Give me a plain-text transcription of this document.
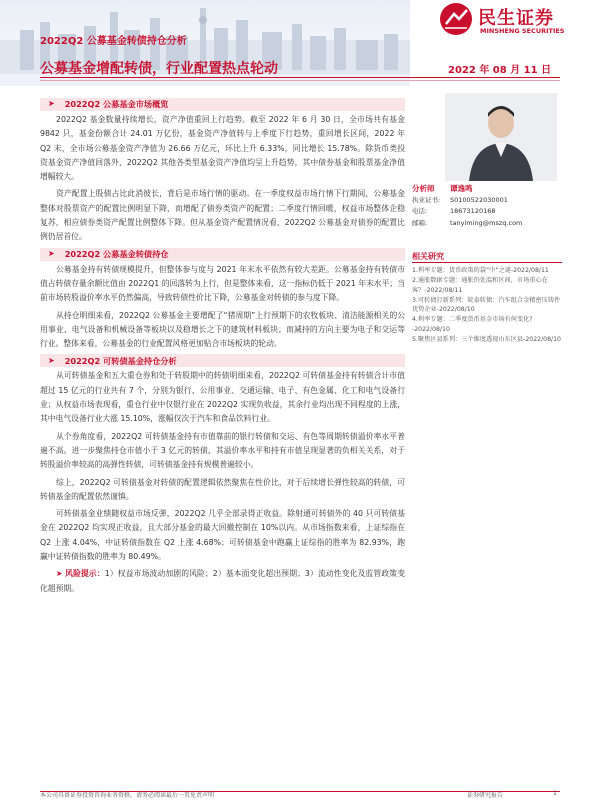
2022Q2 公募基金转债持仓分析
公募基金增配转债，行业配置热点轮动	2022 年 08 月 11 日
民生证券
MINSHENG SECURITIES
➤ 2022Q2 公募基金市场概览

2022Q2 基金数量持续增长，资产净值重回上行趋势。截至 2022 年 6 月 30 日，全市场共有基金 9842 只，基金份额合计 24.01 万亿份，基金资产净值转与上季度下行趋势，重回增长区间，2022 年 Q2 末，全市场公募基金资产净值为 26.66 万亿元，环比上升 6.33%，同比增长 15.78%。除货币类投资基金资产净值回落外，2022Q2 其他各类型基金资产净值均呈上升趋势，其中债券基金和股票基金净值增幅较大。

资产配置上股债占比此消彼长，背后是市场行情的驱动。在一季度权益市场行情下行期间，公募基金整体对股票资产的配置比例明显下降，而增配了债券类资产的配置；二季度行情回暖，权益市场整体企稳复苏，相应债券类资产配置比例整体下降。但从基金资产配置情况看，2022Q2 公募基金对债券的配置比例仍居首位。

➤ 2022Q2 公募基金转债持仓

公募基金持有转债规模提升，但整体参与度与 2021 年末水平依然有较大差距。公募基金持有转债市值占转债存量余额比值由 2022Q1 的回落转为上行，但是整体来看，这一指标仍低于 2021 年末水平；当前市场转股溢价率水平仍然偏高，导致转债性价比下降，公募基金对转债的参与度下降。

从持仓明细来看，2022Q2 公募基金主要增配了“猪周期”上行预期下的农牧板块、清洁能源相关的公用事业、电气设备和机械设备等板块以及稳增长之下的建筑材料板块；而减持的方向主要为电子和交运等行业。整体来看，公募基金的行业配置风格更加贴合市场板块的轮动。

➤ 2022Q2 可转债基金持仓分析

从可转债基金和五大重仓券和处于转股期中的转债明细来看，2022Q2 可转债基金持有转债合计市值超过 15 亿元的行业共有 7 个，分别为银行、公用事业、交通运输、电子、有色金属、化工和电气设备行业；从权益市场表现看，重仓行业中仅银行业在 2022Q2 实现负收益，其余行业均出现不同程度的上涨，其中电气设备行业大涨 15.10%，涨幅仅次于汽车和食品饮料行业。

从个券角度看，2022Q2 可转债基金持有市值靠前的银行转债和交运、有色等周期转债溢价率水平普遍不高。进一步聚焦持仓市值小于 3 亿元的转债，其溢价率水平和持有市值呈现显著的负相关关系，对于转股溢价率较高的高弹性转债，可转债基金持有规模普遍较小。

综上，2022Q2 可转债基金对转债的配置逻辑依然聚焦在性价比，对于后续增长弹性较高的转债，可转债基金的配置依然谨慎。

可转债基金业绩随权益市场反弹，2022Q2 几乎全部录得正收益。除射通可转债外的 40 只可转债基金在 2022Q2 均实现正收益，且大部分基金的最大回撤控制在 10%以内。从市场指数来看，上证综指在 Q2 上涨 4.04%，中证转债指数在 Q2 上涨 4.68%；可转债基金中跑赢上证综指的胜率为 82.93%，跑赢中证转债指数的胜率为 80.49%。

➤ 风险提示：1）权益市场波动加剧的风险；2）基本面变化超出预期；3）流动性变化及监管政策变化超预期。

分析师	谭逸鸣
执业证书:	S0100522030001
电话:	18673120168
邮箱:	tanyiming@mszq.com
相关研究
1.利率专题：货币政策的袋“中”之谜-2022/08/11
2.通胀数据专题：通胀仍处温和区间，市场重心在客？-2022/08/11
3.可转债打新系列：皖泰转债：汽车组合金精密压铸件优势企业-2022/08/10
4.利率专题：二季度货币基金市场有何变化?-2022/08/10
5.聚焦区县系列：三个维度透视山东区县-2022/08/10
本公司具备证券投资咨询业务资格，请务必阅读最后一页免责声明	证券研究报告	1
